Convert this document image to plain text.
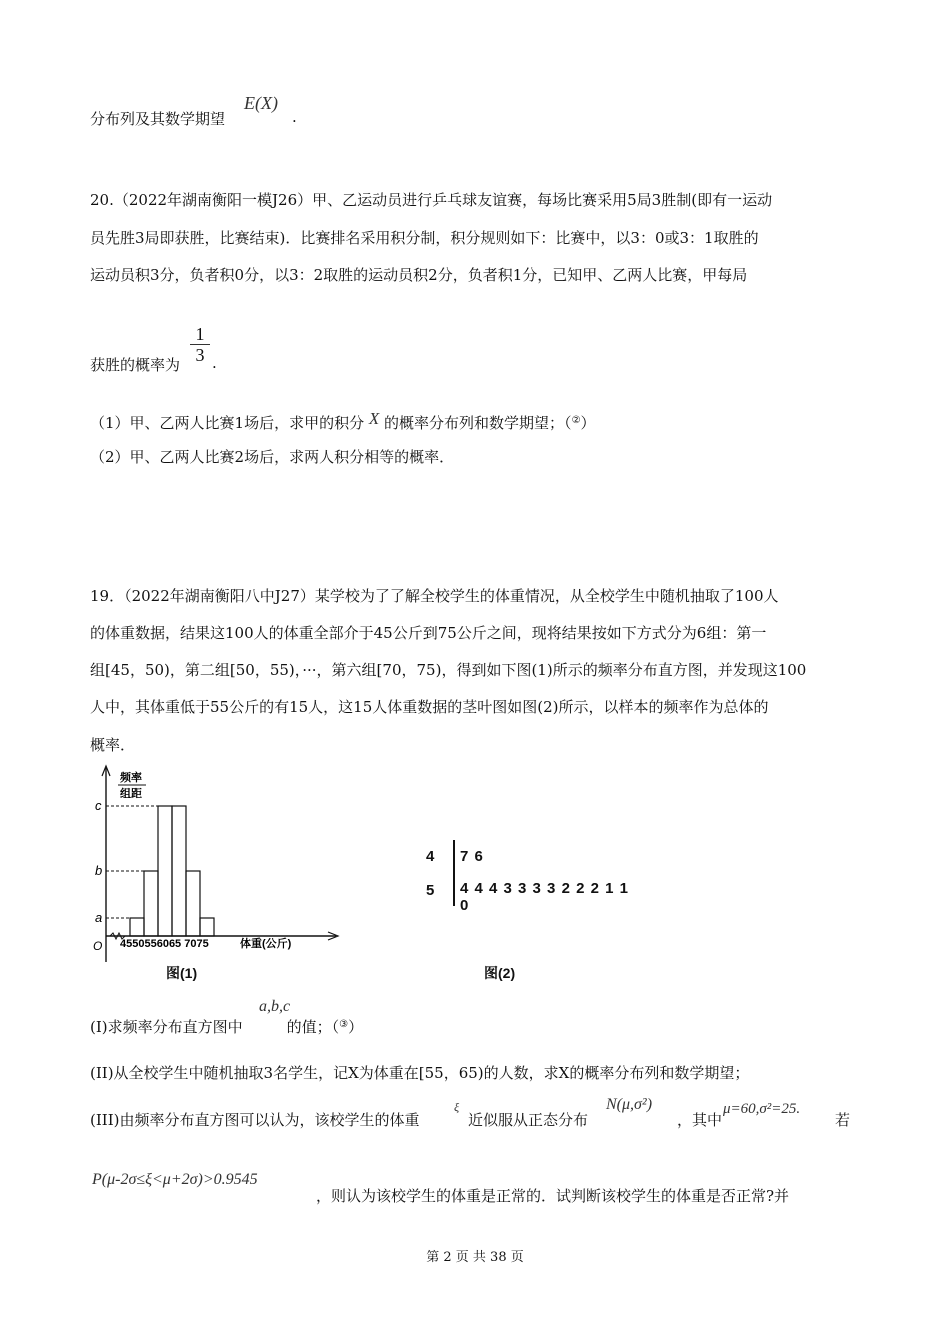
分布列及其数学期望
E(X)
.
20.（2022年湖南衡阳一模J26）甲、乙运动员进行乒乓球友谊赛，每场比赛采用5局3胜制(即有一运动
员先胜3局即获胜，比赛结束)．比赛排名采用积分制，积分规则如下：比赛中，以3：0或3：1取胜的
运动员积3分，负者积0分，以3：2取胜的运动员积2分，负者积1分，已知甲、乙两人比赛，甲每局
获胜的概率为 $\frac{1}{3}$ .
（1）甲、乙两人比赛1场后，求甲的积分 X 的概率分布列和数学期望；（②）
（2）甲、乙两人比赛2场后，求两人积分相等的概率．
19．（2022年湖南衡阳八中J27）某学校为了了解全校学生的体重情况，从全校学生中随机抽取了100人
的体重数据，结果这100人的体重全部介于45公斤到75公斤之间，现将结果按如下方式分为6组：第一
组[45，50)，第二组[50，55)，···，第六组[70，75)，得到如下图(1)所示的频率分布直方图，并发现这100
人中，其体重低于55公斤的有15人，这15人体重数据的茎叶图如图(2)所示，以样本的频率作为总体的
概率．
频率
组距
a
b
c
O 4550556065 7075	体重(公斤)
4 7 6
5 4 4 4 3 3 3 3 2 2 2 1 1 0
图(1)	图(2)
(I)求频率分布直方图中	的值；（③）
a,b,c
(II)从全校学生中随机抽取3名学生，记X为体重在[55，65)的人数，求X的概率分布列和数学期望；
(III)由频率分布直方图可以认为，该校学生的体重
ξ
近似服从正态分布
N(μ,σ²)
，其中
μ=60,σ²=25.
若
P(μ-2σ≤ξ<μ+2σ)>0.9545
，则认为该校学生的体重是正常的．试判断该校学生的体重是否正常?并
第 2 页 共 38 页
